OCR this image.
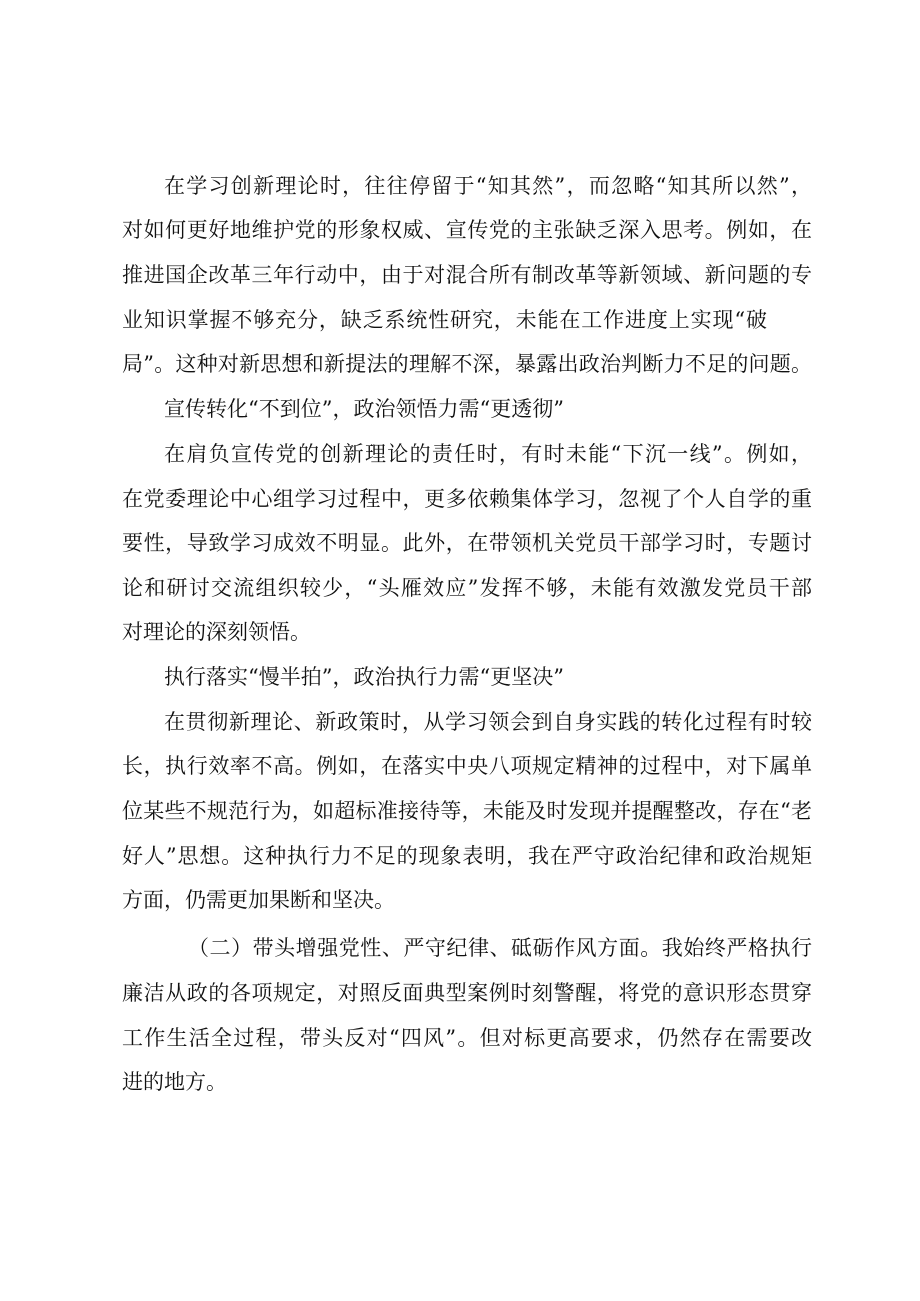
在学习创新理论时，往往停留于“知其然”，而忽略“知其所以然”，
对如何更好地维护党的形象权威、宣传党的主张缺乏深入思考。例如，在
推进国企改革三年行动中，由于对混合所有制改革等新领域、新问题的专
业知识掌握不够充分，缺乏系统性研究，未能在工作进度上实现“破
局”。这种对新思想和新提法的理解不深，暴露出政治判断力不足的问题。
宣传转化“不到位”，政治领悟力需“更透彻”
在肩负宣传党的创新理论的责任时，有时未能“下沉一线”。例如，
在党委理论中心组学习过程中，更多依赖集体学习，忽视了个人自学的重
要性，导致学习成效不明显。此外，在带领机关党员干部学习时，专题讨
论和研讨交流组织较少，“头雁效应”发挥不够，未能有效激发党员干部
对理论的深刻领悟。
执行落实“慢半拍”，政治执行力需“更坚决”
在贯彻新理论、新政策时，从学习领会到自身实践的转化过程有时较
长，执行效率不高。例如，在落实中央八项规定精神的过程中，对下属单
位某些不规范行为，如超标准接待等，未能及时发现并提醒整改，存在“老
好人”思想。这种执行力不足的现象表明，我在严守政治纪律和政治规矩
方面，仍需更加果断和坚决。
（二）带头增强党性、严守纪律、砥砺作风方面。我始终严格执行
廉洁从政的各项规定，对照反面典型案例时刻警醒，将党的意识形态贯穿
工作生活全过程，带头反对“四风”。但对标更高要求，仍然存在需要改
进的地方。
